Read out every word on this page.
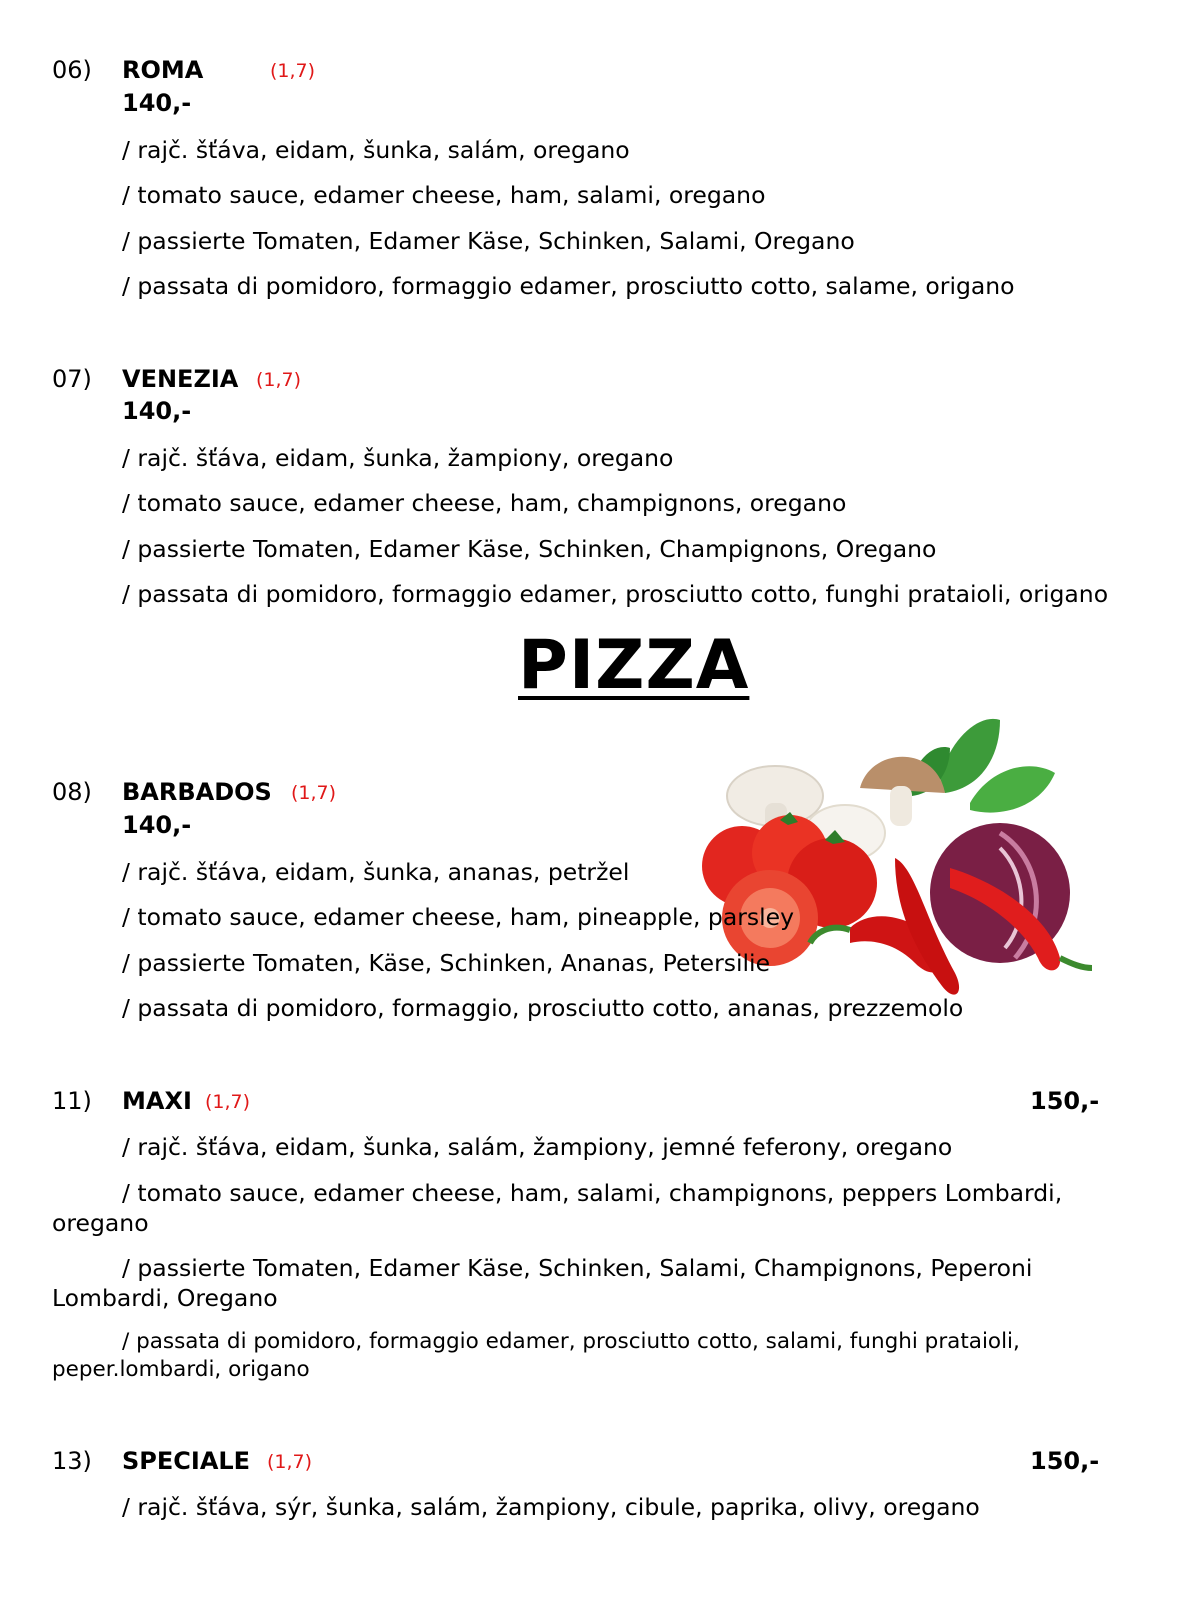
06) ROMA	(1,7)
140,-
/ rajč. šťáva, eidam, šunka, salám, oregano
/ tomato sauce, edamer cheese, ham, salami, oregano
/ passierte Tomaten, Edamer Käse, Schinken, Salami, Oregano
/ passata di pomidoro, formaggio edamer, prosciutto cotto, salame, origano
07) VENEZIA (1,7)
140,-
/ rajč. šťáva, eidam, šunka, žampiony, oregano
/ tomato sauce, edamer cheese, ham, champignons, oregano
/ passierte Tomaten, Edamer Käse, Schinken, Champignons, Oregano
/ passata di pomidoro, formaggio edamer, prosciutto cotto, funghi prataioli, origano
PIZZA
08) BARBADOS (1,7)
140,-
/ rajč. šťáva, eidam, šunka, ananas, petržel
/ tomato sauce, edamer cheese, ham, pineapple, parsley
/ passierte Tomaten, Käse, Schinken, Ananas, Petersilie
/ passata di pomidoro, formaggio, prosciutto cotto, ananas, prezzemolo
11) MAXI (1,7)	150,-
/ rajč. šťáva, eidam, šunka, salám, žampiony, jemné feferony, oregano
/ tomato sauce, edamer cheese, ham, salami, champignons, peppers Lombardi, oregano
/ passierte Tomaten, Edamer Käse, Schinken, Salami, Champignons, Peperoni Lombardi, Oregano
/ passata di pomidoro, formaggio edamer, prosciutto cotto, salami, funghi prataioli, peper.lombardi, origano
13) SPECIALE (1,7)	150,-
/ rajč. šťáva, sýr, šunka, salám, žampiony, cibule, paprika, olivy, oregano
